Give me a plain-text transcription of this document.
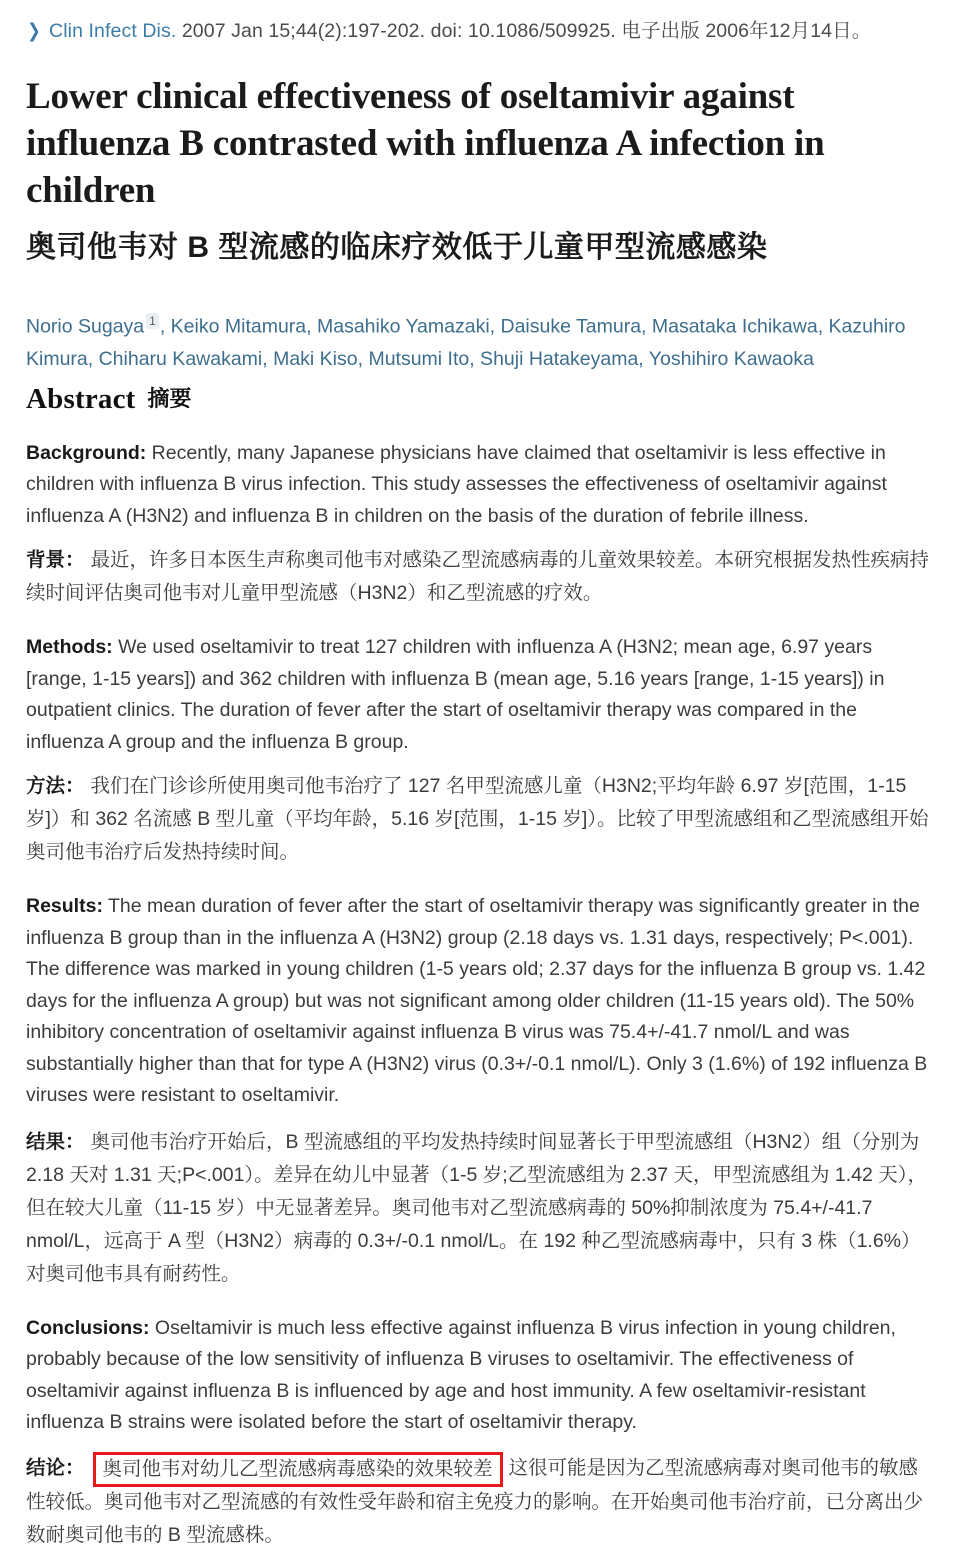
❯ Clin Infect Dis. 2007 Jan 15;44(2):197-202. doi: 10.1086/509925. 电子出版 2006年12月14日。
Lower clinical effectiveness of oseltamivir against influenza B contrasted with influenza A infection in children
奥司他韦对 B 型流感的临床疗效低于儿童甲型流感感染
Norio Sugaya $^1$ , Keiko Mitamura, Masahiko Yamazaki, Daisuke Tamura, Masataka Ichikawa, Kazuhiro Kimura, Chiharu Kawakami, Maki Kiso, Mutsumi Ito, Shuji Hatakeyama, Yoshihiro Kawaoka
Abstract 摘要

Background: Recently, many Japanese physicians have claimed that oseltamivir is less effective in children with influenza B virus infection. This study assesses the effectiveness of oseltamivir against influenza A (H3N2) and influenza B in children on the basis of the duration of febrile illness.

背景： 最近，许多日本医生声称奥司他韦对感染乙型流感病毒的儿童效果较差。本研究根据发热性疾病持续时间评估奥司他韦对儿童甲型流感（H3N2）和乙型流感的疗效。

Methods: We used oseltamivir to treat 127 children with influenza A (H3N2; mean age, 6.97 years [range, 1-15 years]) and 362 children with influenza B (mean age, 5.16 years [range, 1-15 years]) in outpatient clinics. The duration of fever after the start of oseltamivir therapy was compared in the influenza A group and the influenza B group.

方法： 我们在门诊诊所使用奥司他韦治疗了 127 名甲型流感儿童（H3N2;平均年龄 6.97 岁[范围，1-15 岁]）和 362 名流感 B 型儿童（平均年龄，5.16 岁[范围，1-15 岁]）。比较了甲型流感组和乙型流感组开始奥司他韦治疗后发热持续时间。

Results: The mean duration of fever after the start of oseltamivir therapy was significantly greater in the influenza B group than in the influenza A (H3N2) group (2.18 days vs. 1.31 days, respectively; P<.001). The difference was marked in young children (1-5 years old; 2.37 days for the influenza B group vs. 1.42 days for the influenza A group) but was not significant among older children (11-15 years old). The 50% inhibitory concentration of oseltamivir against influenza B virus was 75.4+/-41.7 nmol/L and was substantially higher than that for type A (H3N2) virus (0.3+/-0.1 nmol/L). Only 3 (1.6%) of 192 influenza B viruses were resistant to oseltamivir.

结果： 奥司他韦治疗开始后，B 型流感组的平均发热持续时间显著长于甲型流感组（H3N2）组（分别为 2.18 天对 1.31 天;P<.001）。差异在幼儿中显著（1-5 岁;乙型流感组为 2.37 天，甲型流感组为 1.42 天），但在较大儿童（11-15 岁）中无显著差异。奥司他韦对乙型流感病毒的 50%抑制浓度为 75.4+/-41.7 nmol/L，远高于 A 型（H3N2）病毒的 0.3+/-0.1 nmol/L。在 192 种乙型流感病毒中，只有 3 株（1.6%）对奥司他韦具有耐药性。

Conclusions: Oseltamivir is much less effective against influenza B virus infection in young children, probably because of the low sensitivity of influenza B viruses to oseltamivir. The effectiveness of oseltamivir against influenza B is influenced by age and host immunity. A few oseltamivir-resistant influenza B strains were isolated before the start of oseltamivir therapy.

结论： 奥司他韦对幼儿乙型流感病毒感染的效果较差 这很可能是因为乙型流感病毒对奥司他韦的敏感性较低。奥司他韦对乙型流感的有效性受年龄和宿主免疫力的影响。在开始奥司他韦治疗前，已分离出少数耐奥司他韦的 B 型流感株。
